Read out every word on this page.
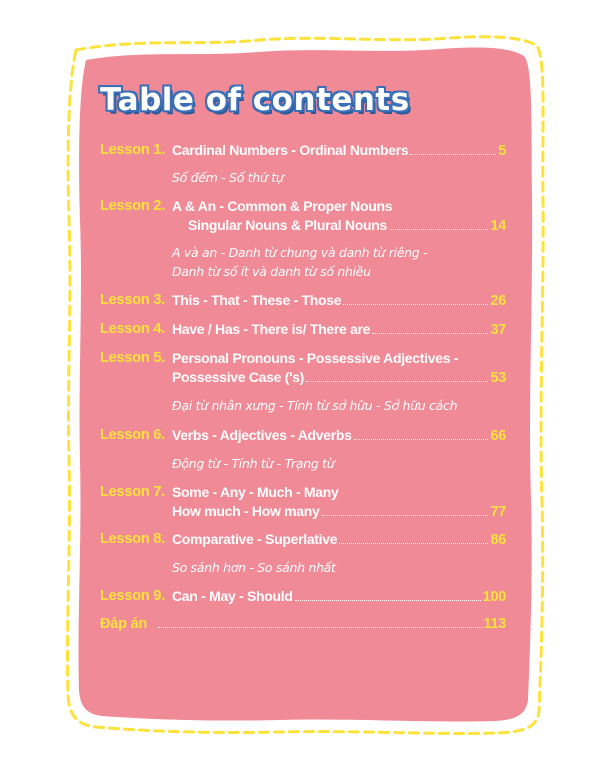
Table of contents
Lesson 1. Cardinal Numbers - Ordinal Numbers	5
Số đếm - Số thứ tự
Lesson 2. A & An - Common & Proper Nouns
Singular Nouns & Plural Nouns	14
A và an - Danh từ chung và danh từ riêng -
Danh từ số ít và danh từ số nhiều
Lesson 3. This - That - These - Those	26
Lesson 4. Have / Has - There is/ There are	37
Lesson 5. Personal Pronouns - Possessive Adjectives -
Possessive Case ('s)	53
Đại từ nhân xưng - Tính từ sở hữu - Sở hữu cách
Lesson 6. Verbs - Adjectives - Adverbs	66
Động từ - Tính từ - Trạng từ
Lesson 7. Some - Any - Much - Many
How much - How many	77
Lesson 8. Comparative - Superlative	86
So sánh hơn - So sánh nhất
Lesson 9. Can - May - Should	100
Đáp án	113
